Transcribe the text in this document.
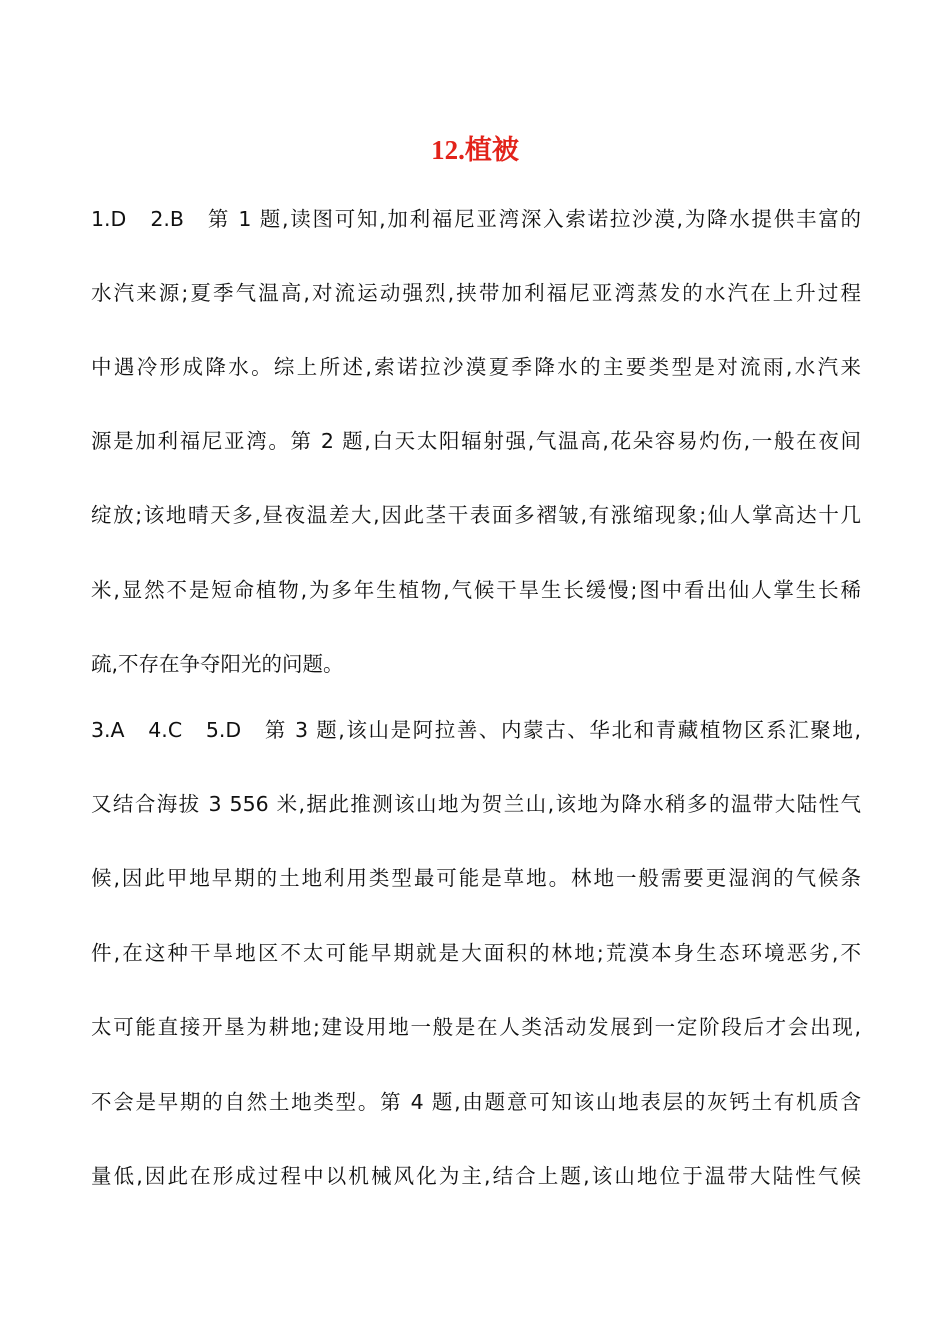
12.植被
1.D　2.B　第 1 题,读图可知,加利福尼亚湾深入索诺拉沙漠,为降水提供丰富的
水汽来源;夏季气温高,对流运动强烈,挟带加利福尼亚湾蒸发的水汽在上升过程
中遇冷形成降水。综上所述,索诺拉沙漠夏季降水的主要类型是对流雨,水汽来
源是加利福尼亚湾。第 2 题,白天太阳辐射强,气温高,花朵容易灼伤,一般在夜间
绽放;该地晴天多,昼夜温差大,因此茎干表面多褶皱,有涨缩现象;仙人掌高达十几
米,显然不是短命植物,为多年生植物,气候干旱生长缓慢;图中看出仙人掌生长稀
疏,不存在争夺阳光的问题。
3.A　4.C　5.D　第 3 题,该山是阿拉善、内蒙古、华北和青藏植物区系汇聚地,
又结合海拔 3 556 米,据此推测该山地为贺兰山,该地为降水稍多的温带大陆性气
候,因此甲地早期的土地利用类型最可能是草地。林地一般需要更湿润的气候条
件,在这种干旱地区不太可能早期就是大面积的林地;荒漠本身生态环境恶劣,不
太可能直接开垦为耕地;建设用地一般是在人类活动发展到一定阶段后才会出现,
不会是早期的自然土地类型。第 4 题,由题意可知该山地表层的灰钙土有机质含
量低,因此在形成过程中以机械风化为主,结合上题,该山地位于温带大陆性气候
